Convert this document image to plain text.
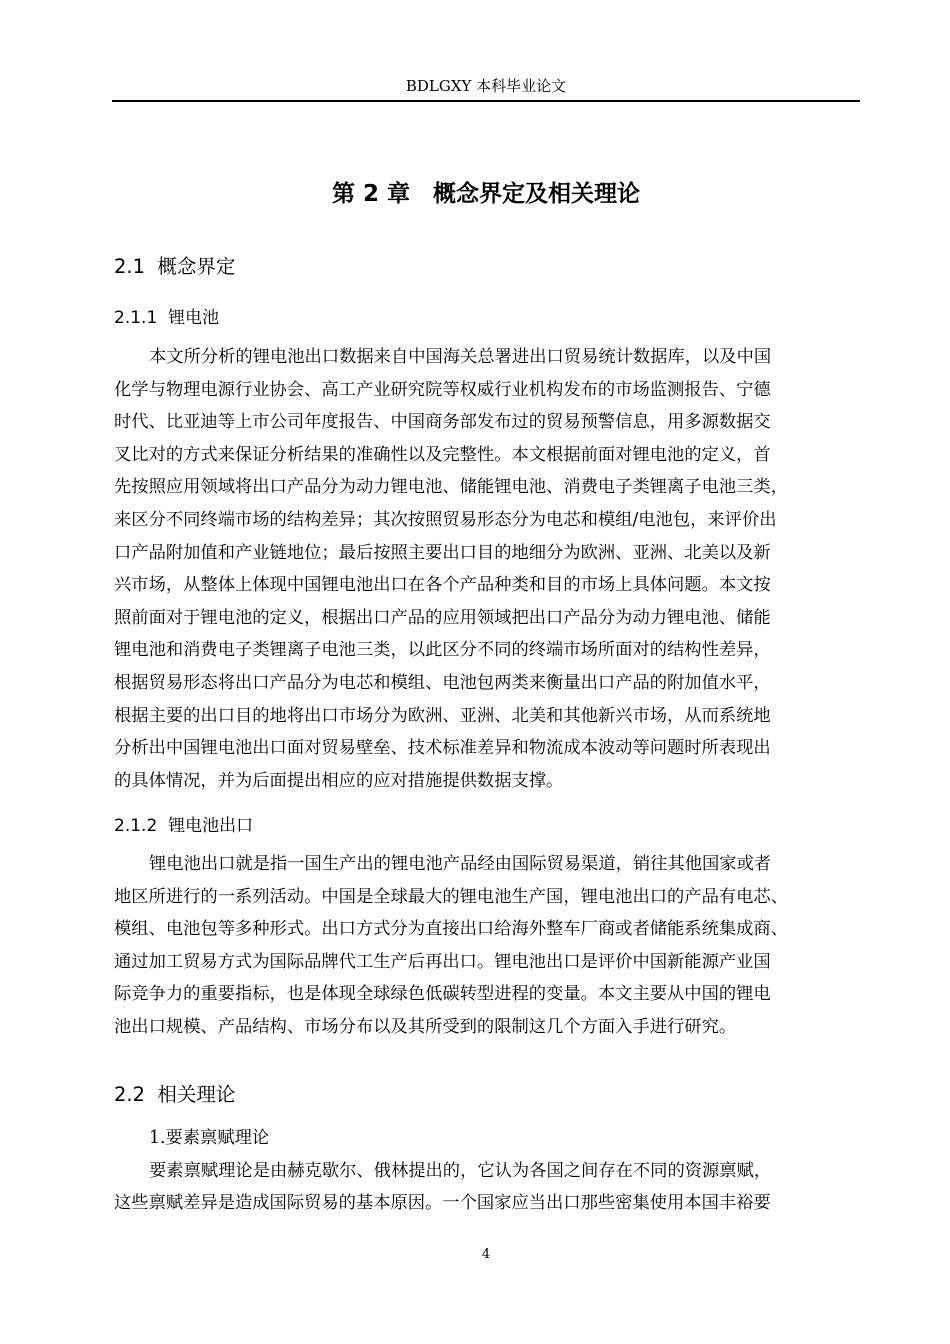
BDLGXY 本科毕业论文
第 2 章　概念界定及相关理论
2.1  概念界定
2.1.1  锂电池
本文所分析的锂电池出口数据来自中国海关总署进出口贸易统计数据库，以及中国
化学与物理电源行业协会、高工产业研究院等权威行业机构发布的市场监测报告、宁德
时代、比亚迪等上市公司年度报告、中国商务部发布过的贸易预警信息，用多源数据交
叉比对的方式来保证分析结果的准确性以及完整性。本文根据前面对锂电池的定义，首
先按照应用领域将出口产品分为动力锂电池、储能锂电池、消费电子类锂离子电池三类，
来区分不同终端市场的结构差异；其次按照贸易形态分为电芯和模组/电池包，来评价出
口产品附加值和产业链地位；最后按照主要出口目的地细分为欧洲、亚洲、北美以及新
兴市场，从整体上体现中国锂电池出口在各个产品种类和目的市场上具体问题。本文按
照前面对于锂电池的定义，根据出口产品的应用领域把出口产品分为动力锂电池、储能
锂电池和消费电子类锂离子电池三类，以此区分不同的终端市场所面对的结构性差异，
根据贸易形态将出口产品分为电芯和模组、电池包两类来衡量出口产品的附加值水平，
根据主要的出口目的地将出口市场分为欧洲、亚洲、北美和其他新兴市场，从而系统地
分析出中国锂电池出口面对贸易壁垒、技术标准差异和物流成本波动等问题时所表现出
的具体情况，并为后面提出相应的应对措施提供数据支撑。
2.1.2  锂电池出口
锂电池出口就是指一国生产出的锂电池产品经由国际贸易渠道，销往其他国家或者
地区所进行的一系列活动。中国是全球最大的锂电池生产国，锂电池出口的产品有电芯、
模组、电池包等多种形式。出口方式分为直接出口给海外整车厂商或者储能系统集成商、
通过加工贸易方式为国际品牌代工生产后再出口。锂电池出口是评价中国新能源产业国
际竞争力的重要指标，也是体现全球绿色低碳转型进程的变量。本文主要从中国的锂电
池出口规模、产品结构、市场分布以及其所受到的限制这几个方面入手进行研究。
2.2  相关理论
1.要素禀赋理论
要素禀赋理论是由赫克歇尔、俄林提出的，它认为各国之间存在不同的资源禀赋，
这些禀赋差异是造成国际贸易的基本原因。一个国家应当出口那些密集使用本国丰裕要
4
